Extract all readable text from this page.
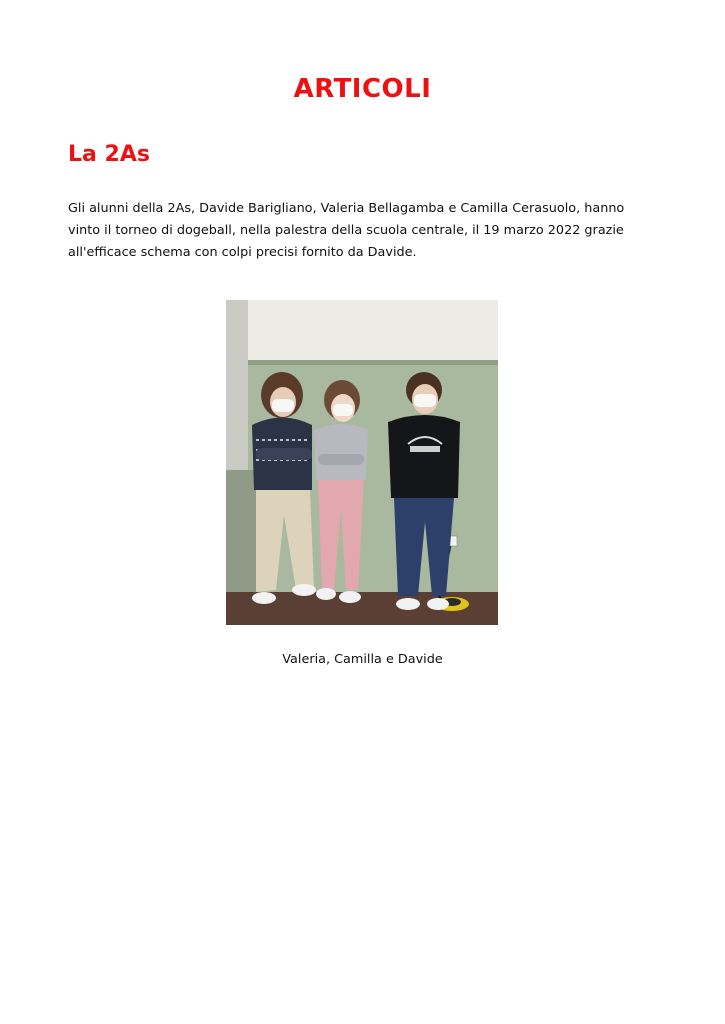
ARTICOLI
La 2As

Gli alunni della 2As, Davide Barigliano, Valeria Bellagamba e Camilla Cerasuolo, hanno vinto il torneo di dogeball, nella palestra della scuola centrale, il 19 marzo 2022 grazie all'efficace schema con colpi precisi fornito da Davide.

Valeria, Camilla e Davide
